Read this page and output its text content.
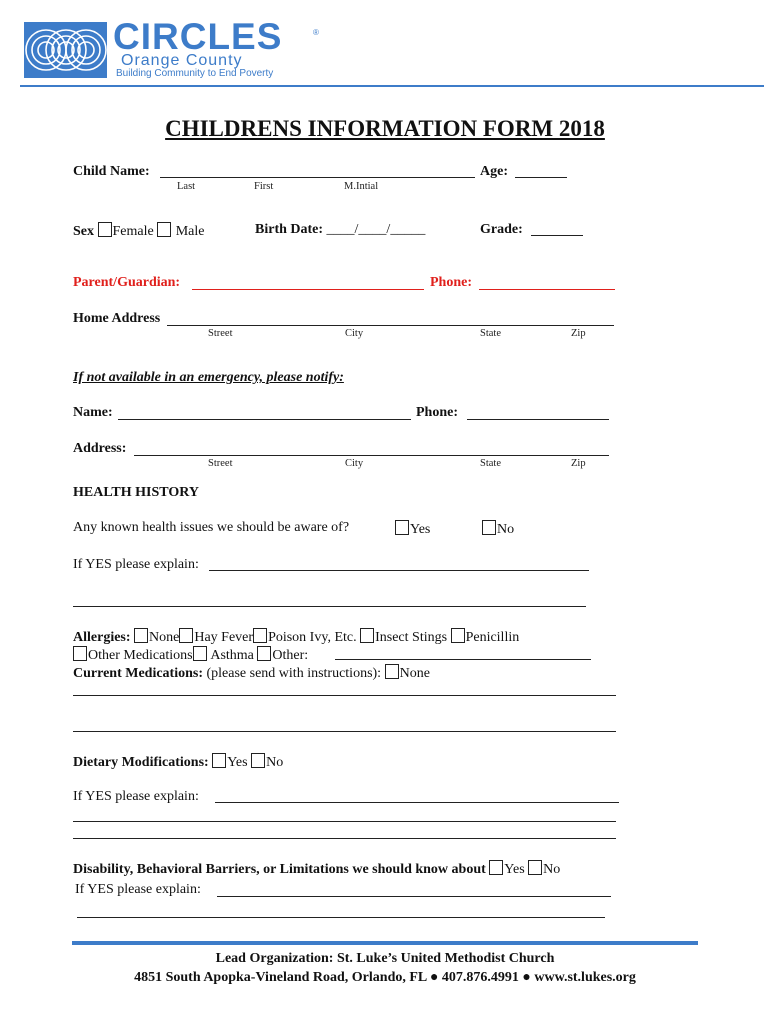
CIRCLES	®
Orange County
Building Community to End Poverty
CHILDRENS INFORMATION FORM 2018
Child Name:	Age:
Last	First	M.Intial
Sex Female Male	Birth Date: ____/____/_____	Grade:
Parent/Guardian:	Phone:
Home Address
Street	City	State	Zip
If not available in an emergency, please notify:
Name:	Phone:
Address:
Street	City	State	Zip
HEALTH HISTORY
Any known health issues we should be aware of?	Yes	No
If YES please explain:
Allergies: None Hay Fever Poison Ivy, Etc. Insect Stings Penicillin
Other Medications Asthma Other:
Current Medications: (please send with instructions): None
Dietary Modifications: Yes No
If YES please explain:
Disability, Behavioral Barriers, or Limitations we should know about Yes No
If YES please explain:
Lead Organization: St. Luke’s United Methodist Church
4851 South Apopka-Vineland Road, Orlando, FL ● 407.876.4991 ● www.st.lukes.org
